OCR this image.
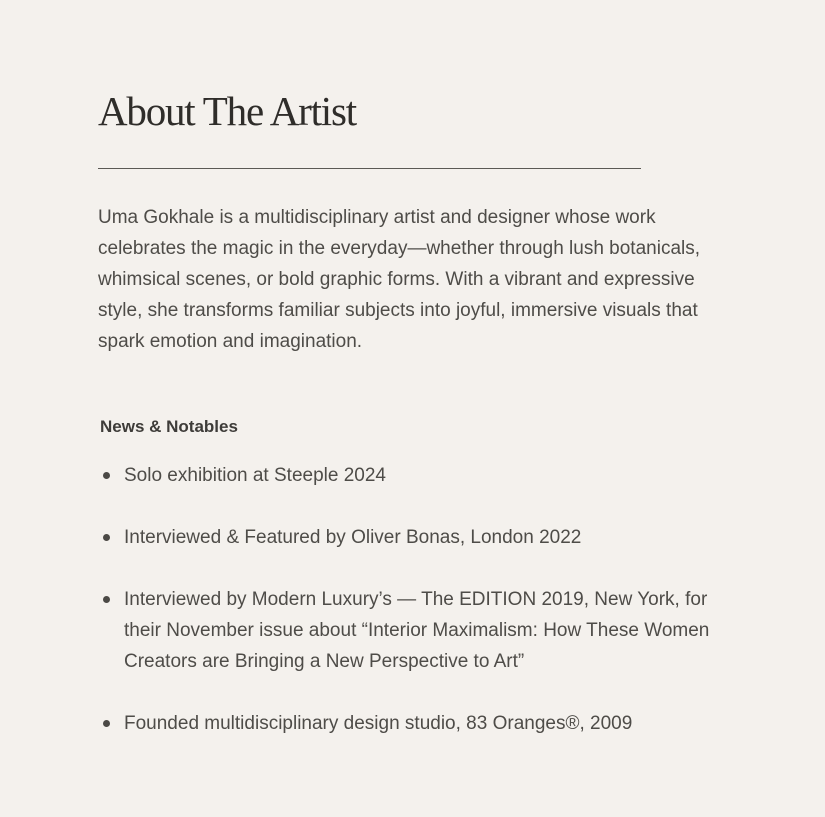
About The Artist

Uma Gokhale is a multidisciplinary artist and designer whose work celebrates the magic in the everyday—whether through lush botanicals, whimsical scenes, or bold graphic forms. With a vibrant and expressive style, she transforms familiar subjects into joyful, immersive visuals that spark emotion and imagination.

News & Notables
Solo exhibition at Steeple 2024
Interviewed & Featured by Oliver Bonas, London 2022
Interviewed by Modern Luxury’s — The EDITION 2019, New York, for their November issue about “Interior Maximalism: How These Women Creators are Bringing a New Perspective to Art”
Founded multidisciplinary design studio, 83 Oranges®, 2009
